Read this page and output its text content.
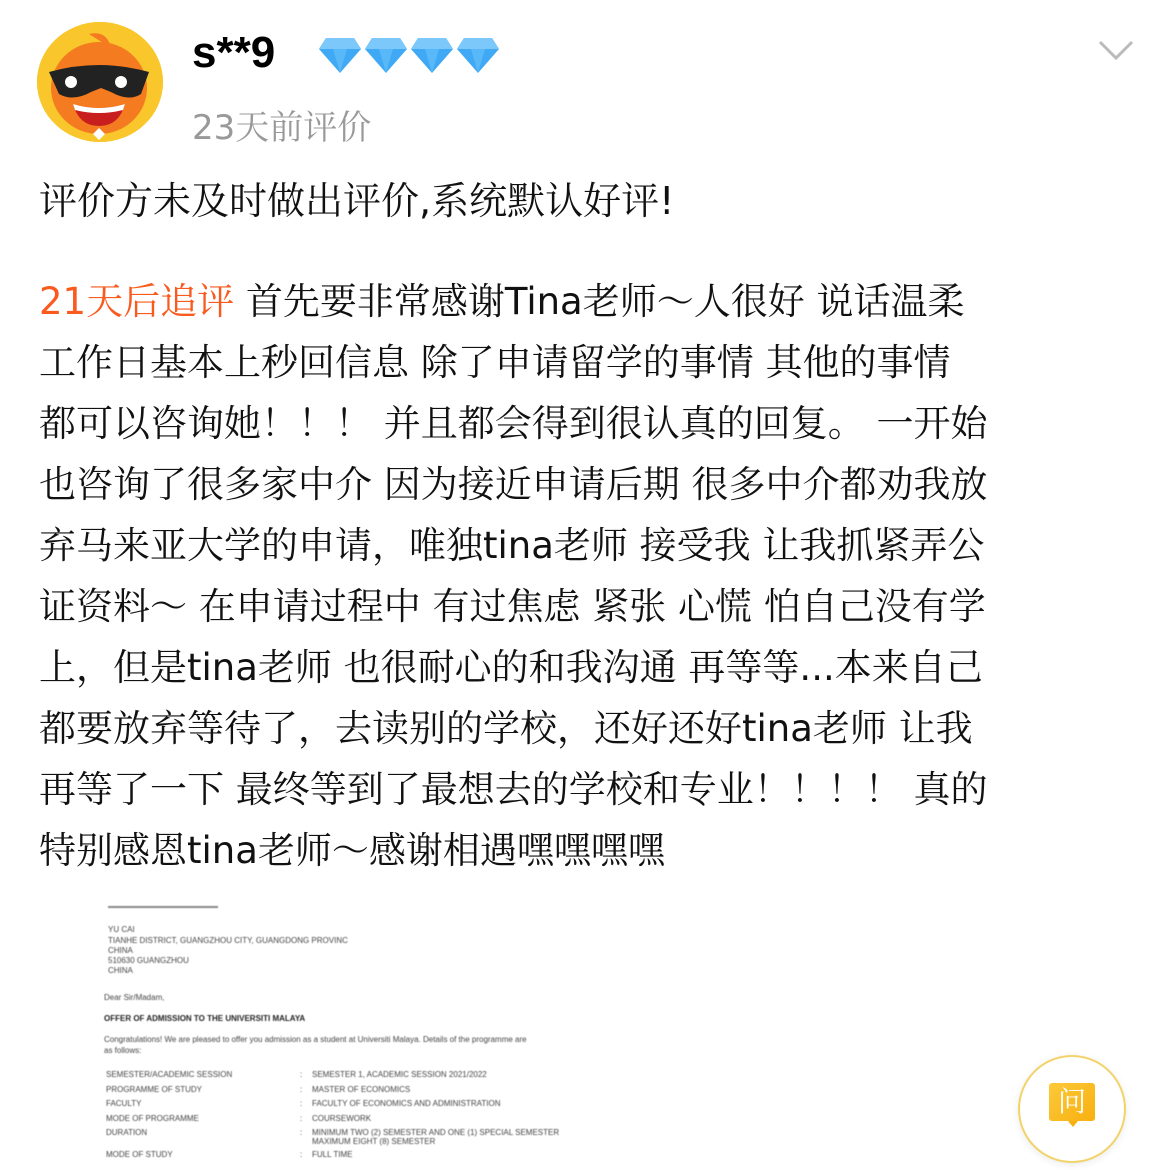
s**9
23天前评价
评价方未及时做出评价,系统默认好评!
21天后追评 首先要非常感谢Tina老师～人很好 说话温柔
工作日基本上秒回信息 除了申请留学的事情 其他的事情
都可以咨询她！！！ 并且都会得到很认真的回复。 一开始
也咨询了很多家中介 因为接近申请后期 很多中介都劝我放
弃马来亚大学的申请，唯独tina老师 接受我 让我抓紧弄公
证资料～ 在申请过程中 有过焦虑 紧张 心慌 怕自己没有学
上，但是tina老师 也很耐心的和我沟通 再等等...本来自己
都要放弃等待了，去读别的学校，还好还好tina老师 让我
再等了一下 最终等到了最想去的学校和专业！！！！ 真的
特别感恩tina老师～感谢相遇嘿嘿嘿嘿
YU CAI
TIANHE DISTRICT, GUANGZHOU CITY, GUANGDONG PROVINC
CHINA
510630 GUANGZHOU
CHINA
Dear Sir/Madam,
OFFER OF ADMISSION TO THE UNIVERSITI MALAYA
Congratulations! We are pleased to offer you admission as a student at Universiti Malaya. Details of the programme are
as follows:
SEMESTER/ACADEMIC SESSION	: SEMESTER 1, ACADEMIC SESSION 2021/2022
PROGRAMME OF STUDY	: MASTER OF ECONOMICS
FACULTY	: FACULTY OF ECONOMICS AND ADMINISTRATION
MODE OF PROGRAMME	: COURSEWORK
DURATION	: MINIMUM TWO (2) SEMESTER AND ONE (1) SPECIAL SEMESTER
MAXIMUM EIGHT (8) SEMESTER
MODE OF STUDY	: FULL TIME
问
